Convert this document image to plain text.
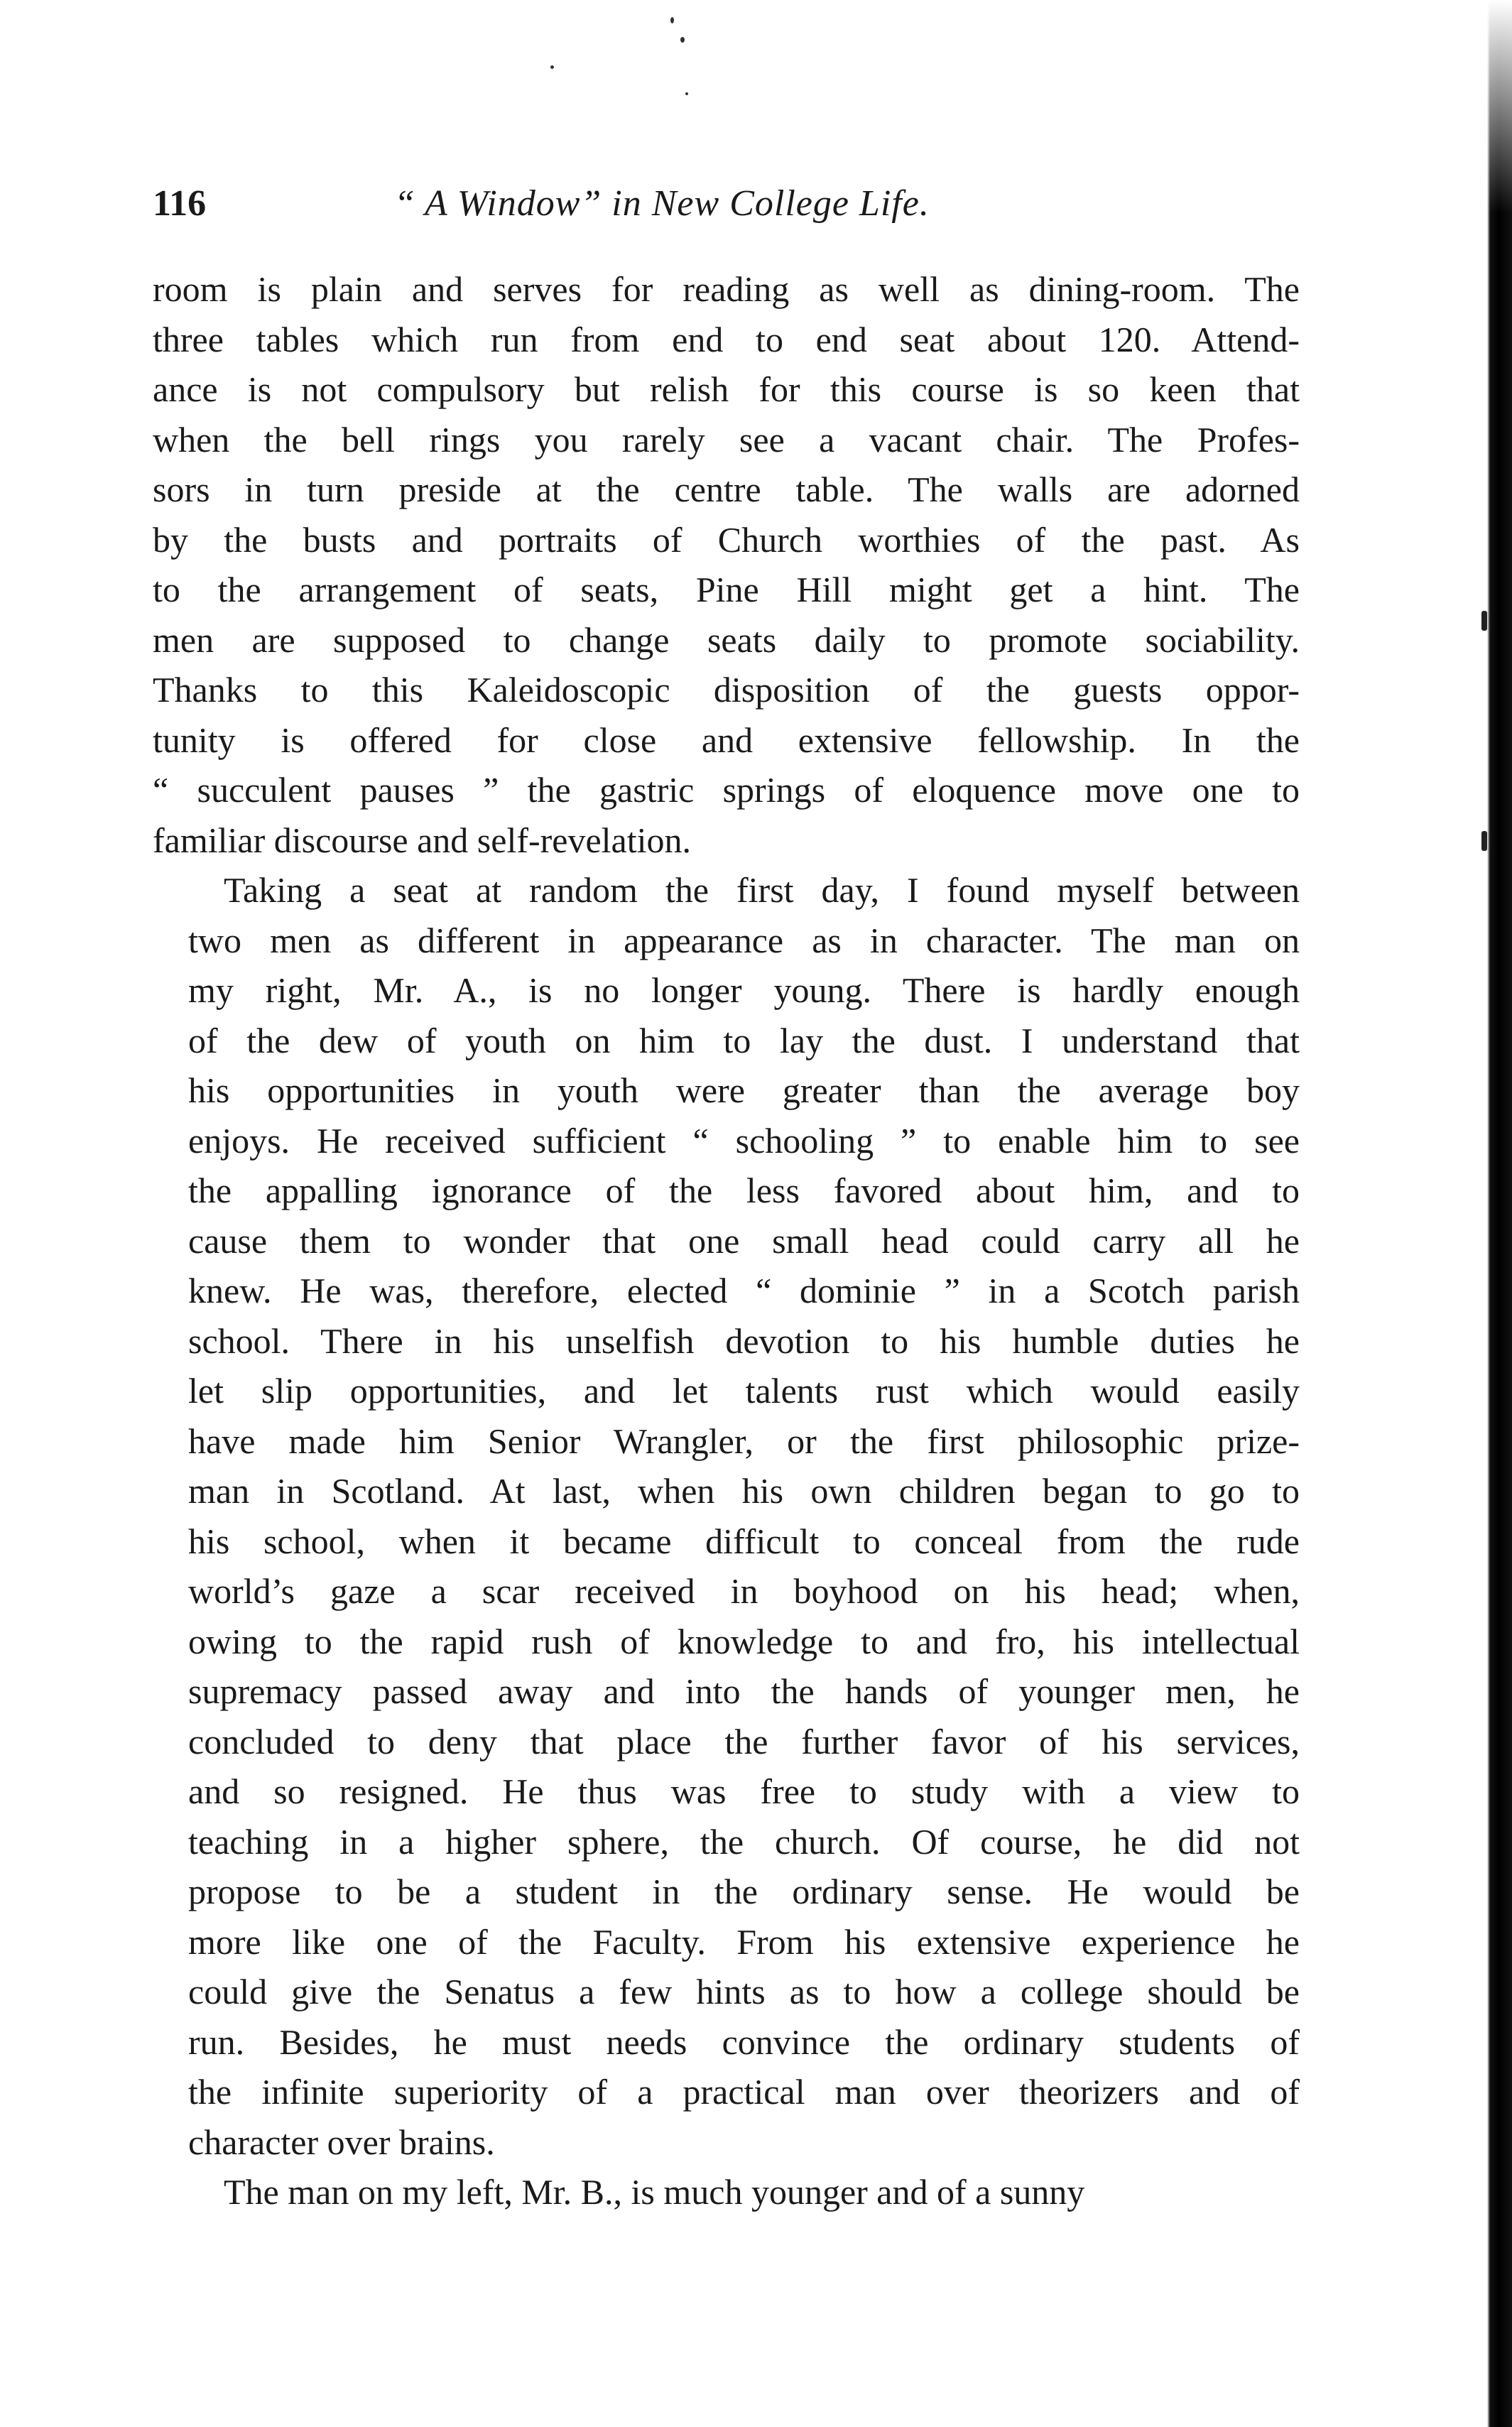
116	“ A Window” in New College Life.

room is plain and serves for reading as well as dining-room. The
three tables which run from end to end seat about 120. Attend-
ance is not compulsory but relish for this course is so keen that
when the bell rings you rarely see a vacant chair. The Profes-
sors in turn preside at the centre table. The walls are adorned
by the busts and portraits of Church worthies of the past. As
to the arrangement of seats, Pine Hill might get a hint. The
men are supposed to change seats daily to promote sociability.
Thanks to this Kaleidoscopic disposition of the guests oppor-
tunity is offered for close and extensive fellowship. In the
“ succulent pauses ” the gastric springs of eloquence move one to
familiar discourse and self-revelation.

Taking a seat at random the first day, I found myself between
two men as different in appearance as in character. The man on
my right, Mr. A., is no longer young. There is hardly enough
of the dew of youth on him to lay the dust. I understand that
his opportunities in youth were greater than the average boy
enjoys. He received sufficient “ schooling ” to enable him to see
the appalling ignorance of the less favored about him, and to
cause them to wonder that one small head could carry all he
knew. He was, therefore, elected “ dominie ” in a Scotch parish
school. There in his unselfish devotion to his humble duties he
let slip opportunities, and let talents rust which would easily
have made him Senior Wrangler, or the first philosophic prize-
man in Scotland. At last, when his own children began to go to
his school, when it became difficult to conceal from the rude
world’s gaze a scar received in boyhood on his head; when,
owing to the rapid rush of knowledge to and fro, his intellectual
supremacy passed away and into the hands of younger men, he
concluded to deny that place the further favor of his services,
and so resigned. He thus was free to study with a view to
teaching in a higher sphere, the church. Of course, he did not
propose to be a student in the ordinary sense. He would be
more like one of the Faculty. From his extensive experience he
could give the Senatus a few hints as to how a college should be
run. Besides, he must needs convince the ordinary students of
the infinite superiority of a practical man over theorizers and of
character over brains.

The man on my left, Mr. B., is much younger and of a sunny
